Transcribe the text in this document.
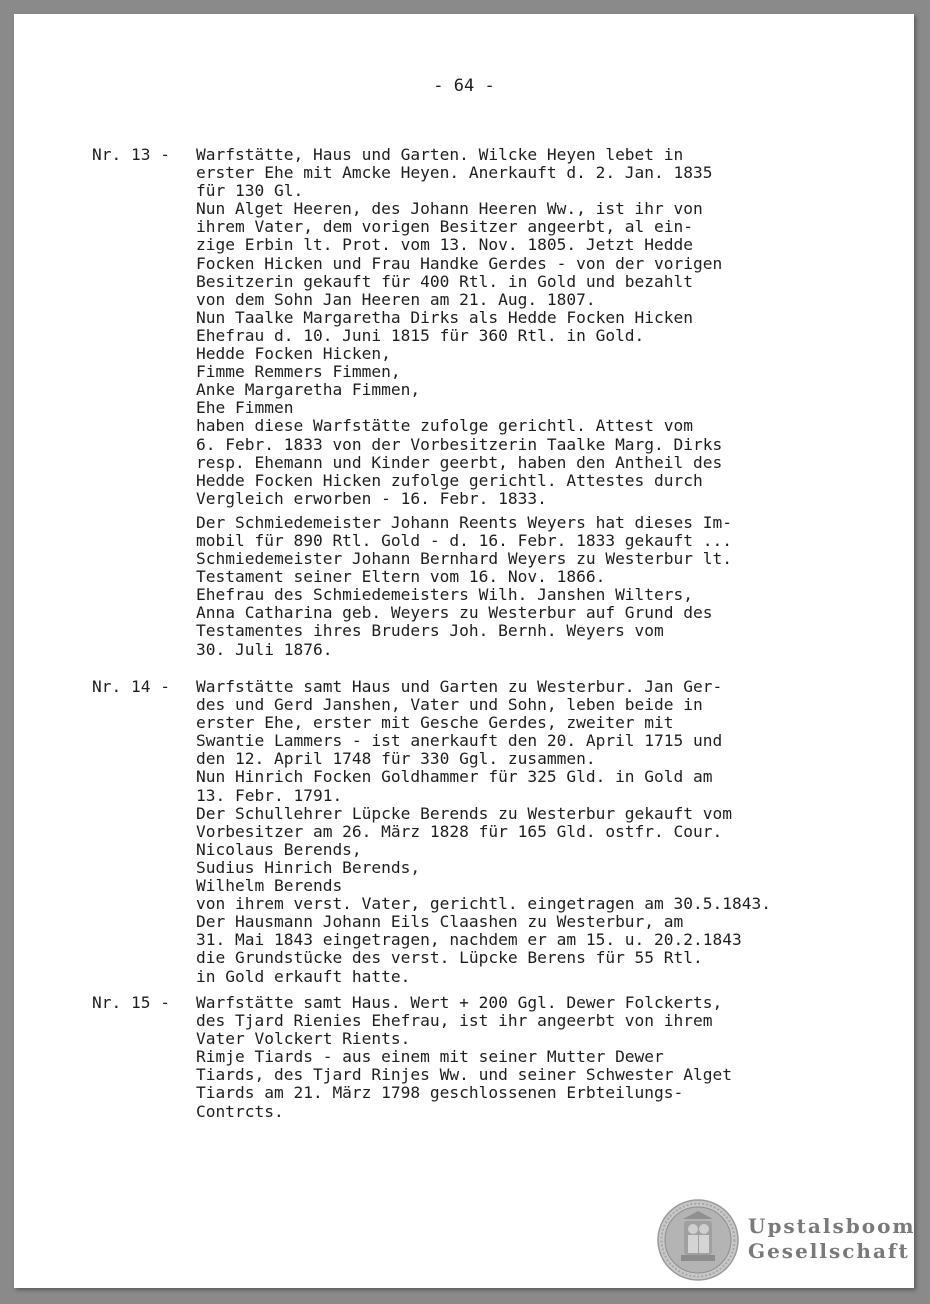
- 64 -
Nr. 13 - Warfstätte, Haus und Garten. Wilcke Heyen lebet in
erster Ehe mit Amcke Heyen. Anerkauft d. 2. Jan. 1835
für 130 Gl.
Nun Alget Heeren, des Johann Heeren Ww., ist ihr von
ihrem Vater, dem vorigen Besitzer angeerbt, al ein-
zige Erbin lt. Prot. vom 13. Nov. 1805. Jetzt Hedde
Focken Hicken und Frau Handke Gerdes - von der vorigen
Besitzerin gekauft für 400 Rtl. in Gold und bezahlt
von dem Sohn Jan Heeren am 21. Aug. 1807.
Nun Taalke Margaretha Dirks als Hedde Focken Hicken
Ehefrau d. 10. Juni 1815 für 360 Rtl. in Gold.
Hedde Focken Hicken,
Fimme Remmers Fimmen,
Anke Margaretha Fimmen,
Ehe Fimmen
haben diese Warfstätte zufolge gerichtl. Attest vom
6. Febr. 1833 von der Vorbesitzerin Taalke Marg. Dirks
resp. Ehemann und Kinder geerbt, haben den Antheil des
Hedde Focken Hicken zufolge gerichtl. Attestes durch
Vergleich erworben - 16. Febr. 1833.
Der Schmiedemeister Johann Reents Weyers hat dieses Im-
mobil für 890 Rtl. Gold - d. 16. Febr. 1833 gekauft ...
Schmiedemeister Johann Bernhard Weyers zu Westerbur lt.
Testament seiner Eltern vom 16. Nov. 1866.
Ehefrau des Schmiedemeisters Wilh. Janshen Wilters,
Anna Catharina geb. Weyers zu Westerbur auf Grund des
Testamentes ihres Bruders Joh. Bernh. Weyers vom
30. Juli 1876.
Nr. 14 - Warfstätte samt Haus und Garten zu Westerbur. Jan Ger-
des und Gerd Janshen, Vater und Sohn, leben beide in
erster Ehe, erster mit Gesche Gerdes, zweiter mit
Swantie Lammers - ist anerkauft den 20. April 1715 und
den 12. April 1748 für 330 Ggl. zusammen.
Nun Hinrich Focken Goldhammer für 325 Gld. in Gold am
13. Febr. 1791.
Der Schullehrer Lüpcke Berends zu Westerbur gekauft vom
Vorbesitzer am 26. März 1828 für 165 Gld. ostfr. Cour.
Nicolaus Berends,
Sudius Hinrich Berends,
Wilhelm Berends
von ihrem verst. Vater, gerichtl. eingetragen am 30.5.1843.
Der Hausmann Johann Eils Claashen zu Westerbur, am
31. Mai 1843 eingetragen, nachdem er am 15. u. 20.2.1843
die Grundstücke des verst. Lüpcke Berens für 55 Rtl.
in Gold erkauft hatte.
Nr. 15 - Warfstätte samt Haus. Wert + 200 Ggl. Dewer Folckerts,
des Tjard Rienies Ehefrau, ist ihr angeerbt von ihrem
Vater Volckert Rients.
Rimje Tiards - aus einem mit seiner Mutter Dewer
Tiards, des Tjard Rinjes Ww. und seiner Schwester Alget
Tiards am 21. März 1798 geschlossenen Erbteilungs-
Contrcts.
Upstalsboom
Gesellschaft
